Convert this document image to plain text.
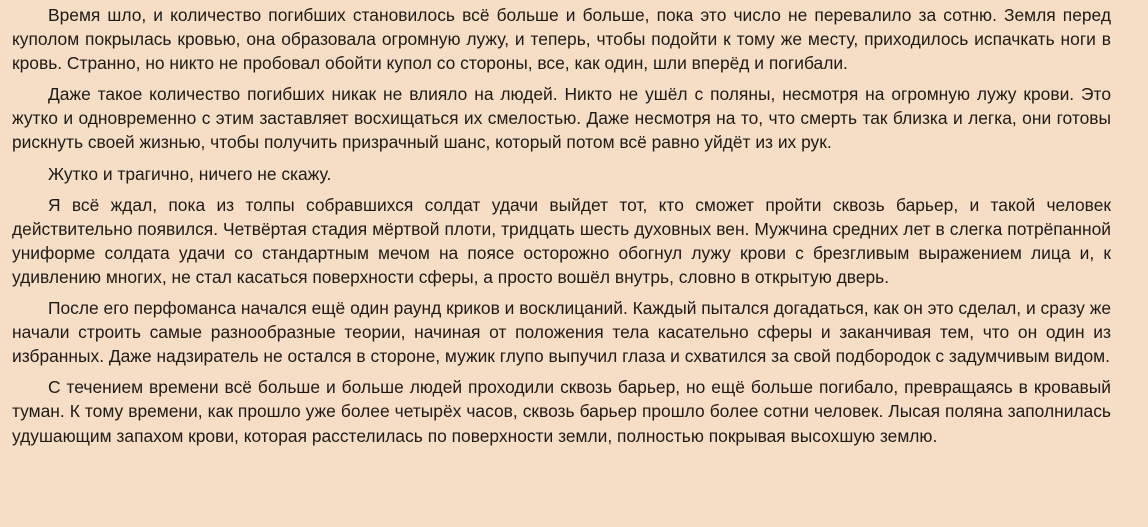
Время шло, и количество погибших становилось всё больше и больше, пока это число не перевалило за сотню. Земля перед куполом покрылась кровью, она образовала огромную лужу, и теперь, чтобы подойти к тому же месту, приходилось испачкать ноги в кровь. Странно, но никто не пробовал обойти купол со стороны, все, как один, шли вперёд и погибали.

Даже такое количество погибших никак не влияло на людей. Никто не ушёл с поляны, несмотря на огромную лужу крови. Это жутко и одновременно с этим заставляет восхищаться их смелостью. Даже несмотря на то, что смерть так близка и легка, они готовы рискнуть своей жизнью, чтобы получить призрачный шанс, который потом всё равно уйдёт из их рук.

Жутко и трагично, ничего не скажу.

Я всё ждал, пока из толпы собравшихся солдат удачи выйдет тот, кто сможет пройти сквозь барьер, и такой человек действительно появился. Четвёртая стадия мёртвой плоти, тридцать шесть духовных вен. Мужчина средних лет в слегка потрёпанной униформе солдата удачи со стандартным мечом на поясе осторожно обогнул лужу крови с брезгливым выражением лица и, к удивлению многих, не стал касаться поверхности сферы, а просто вошёл внутрь, словно в открытую дверь.

После его перфоманса начался ещё один раунд криков и восклицаний. Каждый пытался догадаться, как он это сделал, и сразу же начали строить самые разнообразные теории, начиная от положения тела касательно сферы и заканчивая тем, что он один из избранных. Даже надзиратель не остался в стороне, мужик глупо выпучил глаза и схватился за свой подбородок с задумчивым видом.

С течением времени всё больше и больше людей проходили сквозь барьер, но ещё больше погибало, превращаясь в кровавый туман. К тому времени, как прошло уже более четырёх часов, сквозь барьер прошло более сотни человек. Лысая поляна заполнилась удушающим запахом крови, которая расстелилась по поверхности земли, полностью покрывая высохшую землю.
